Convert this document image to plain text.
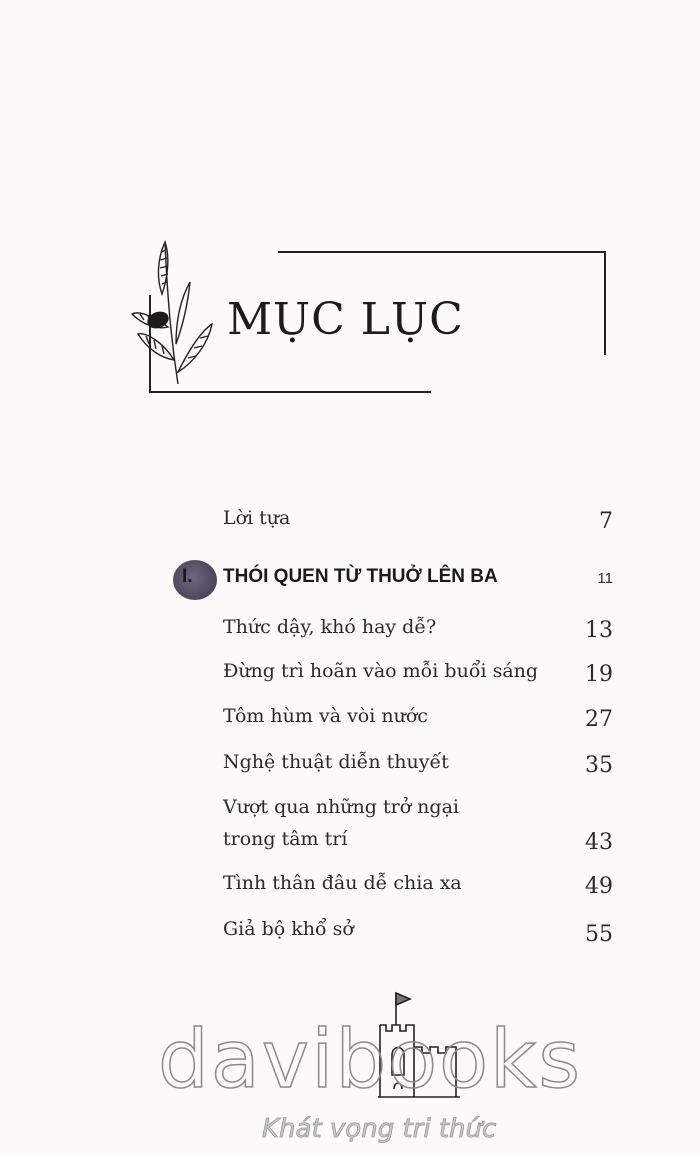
MỤC LỤC
Lời tựa	7
I. THÓI QUEN TỪ THUỞ LÊN BA	11
Thức dậy, khó hay dễ?	13
Đừng trì hoãn vào mỗi buổi sáng 19
Tôm hùm và vòi nước	27
Nghệ thuật diễn thuyết	35
Vượt qua những trở ngại
trong tâm trí	43
Tình thân đâu dễ chia xa	49
Giả bộ khổ sở	55
davibooks
Khát vọng tri thức
